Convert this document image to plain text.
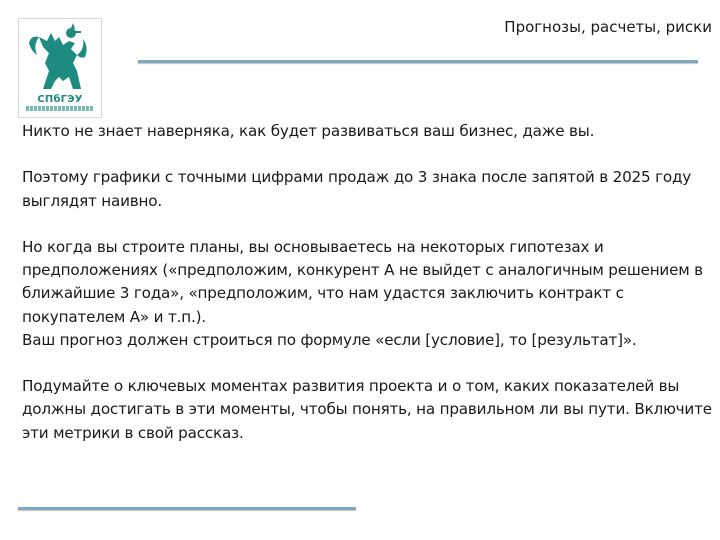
СПбГЭУ
Прогнозы, расчеты, риски

Никто не знает наверняка, как будет развиваться ваш бизнес, даже вы.

Поэтому графики с точными цифрами продаж до 3 знака после запятой в 2025 году выглядят наивно.

Но когда вы строите планы, вы основываетесь на некоторых гипотезах и предположениях («предположим, конкурент А не выйдет с аналогичным решением в ближайшие 3 года», «предположим, что нам удастся заключить контракт с покупателем А» и т.п.).

Ваш прогноз должен строиться по формуле «если [условие], то [результат]».

Подумайте о ключевых моментах развития проекта и о том, каких показателей вы должны достигать в эти моменты, чтобы понять, на правильном ли вы пути. Включите эти метрики в свой рассказ.
